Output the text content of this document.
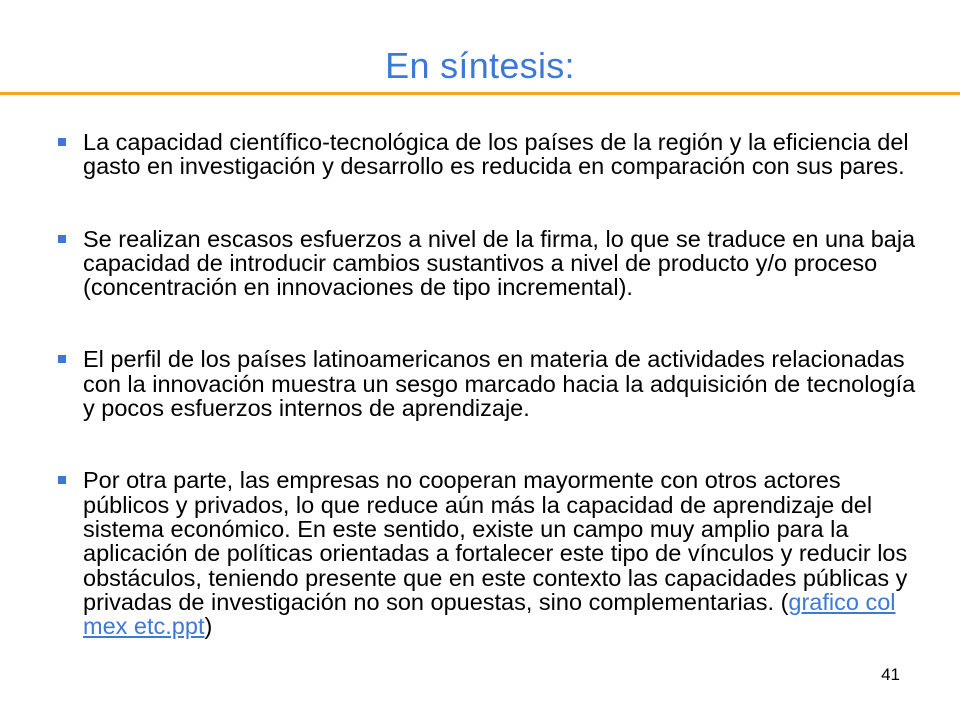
En síntesis:
La capacidad científico-tecnológica de los países de la región y la eficiencia del gasto en investigación y desarrollo es reducida en comparación con sus pares.
Se realizan escasos esfuerzos a nivel de la firma, lo que se traduce en una baja capacidad de introducir cambios sustantivos a nivel de producto y/o proceso (concentración en innovaciones de tipo incremental).
El perfil de los países latinoamericanos en materia de actividades relacionadas con la innovación muestra un sesgo marcado hacia la adquisición de tecnología y pocos esfuerzos internos de aprendizaje.
Por otra parte, las empresas no cooperan mayormente con otros actores públicos y privados, lo que reduce aún más la capacidad de aprendizaje del sistema económico. En este sentido, existe un campo muy amplio para la aplicación de políticas orientadas a fortalecer este tipo de vínculos y reducir los obstáculos, teniendo presente que en este contexto las capacidades públicas y privadas de investigación no son opuestas, sino complementarias. (grafico col mex etc.ppt)
41
